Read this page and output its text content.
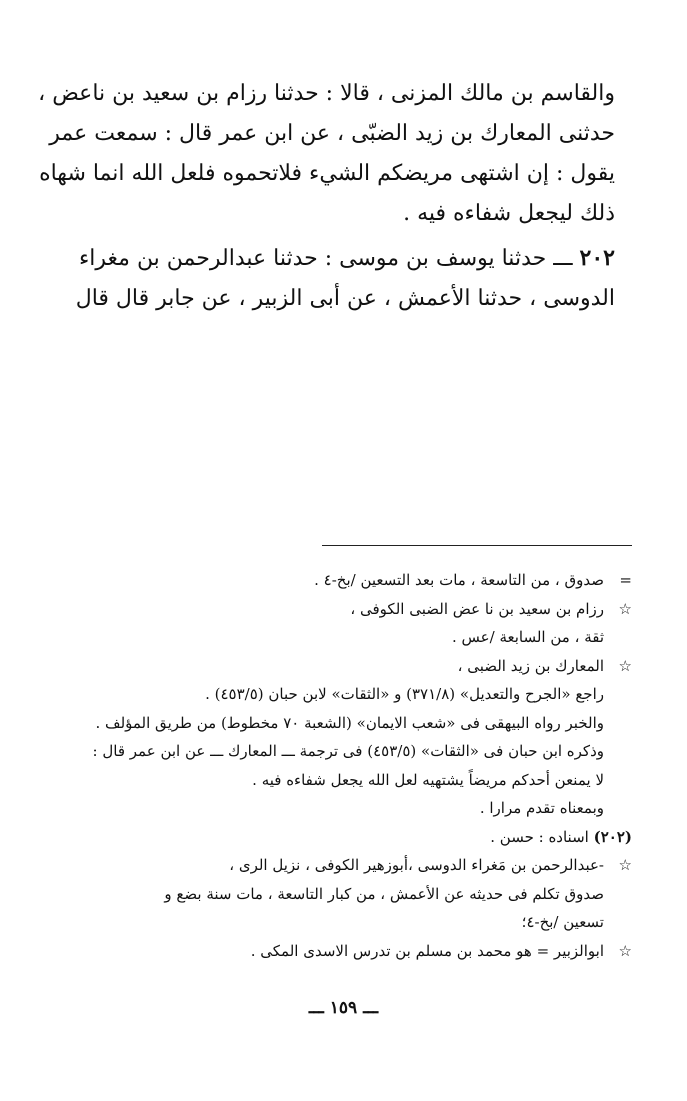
والقاسم بن مالك المزنى ، قالا : حدثنا رزام بن سعيد بن ناعض ،
حدثنى المعارك بن زيد الضبّى ، عن ابن عمر قال : سمعت عمر
يقول : إن اشتهى مريضكم الشيء فلاتحموه فلعل الله انما شهاه
ذلك ليجعل شفاءه فيه .

٢٠٢ ـــ حدثنا يوسف بن موسى : حدثنا عبدالرحمن بن مغراء
الدوسى ، حدثنا الأعمش ، عن أبى الزبير ، عن جابر قال قال

=صدوق ، من التاسعة ، مات بعد التسعين /بخ-٤ .
☆رزام بن سعيد بن نا عض الضبى الكوفى ،
ثقة ، من السابعة /عس .
☆المعارك بن زيد الضبى ،
راجع «الجرح والتعديل» (٣٧١/٨) و «الثقات» لابن حبان (٤٥٣/٥) .
والخبر رواه البيهقى فى «شعب الايمان» (الشعبة ٧٠ مخطوط) من طريق المؤلف .
وذكره ابن حبان فى «الثقات» (٤٥٣/٥) فى ترجمة ـــ المعارك ـــ عن ابن عمر قال :
لا يمنعن أحدكم مريضاً يشتهيه لعل الله يجعل شفاءه فيه .
وبمعناه تقدم مرارا .
(٢٠٢) اسناده : حسن .
☆-عبدالرحمن بن مَغراء الدوسى ،أبوزهير الكوفى ، نزيل الرى ،
صدوق تكلم فى حديثه عن الأعمش ، من كبار التاسعة ، مات سنة بضع و
تسعين /بخ-٤؛
☆ابوالزبير = هو محمد بن مسلم بن تدرس الاسدى المكى .
ـــ ١٥٩ ـــ
